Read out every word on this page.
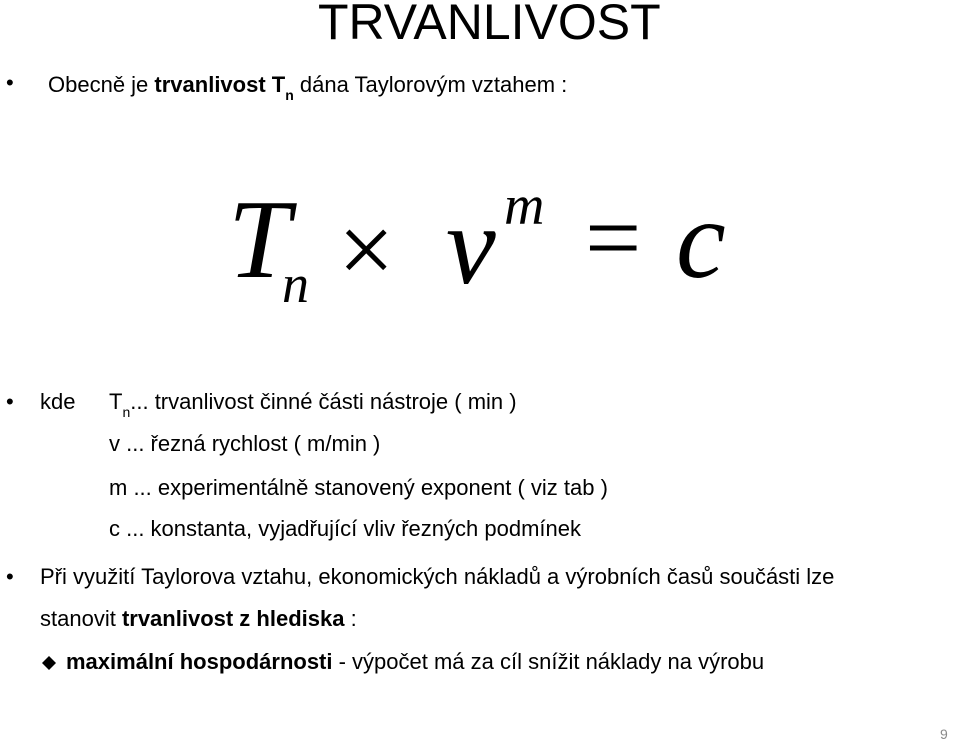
TRVANLIVOST
• Obecně je trvanlivost $T_n$ dána Taylorovým vztahem :
T
n × v m = c
• kde $T_n$... trvanlivost činné části nástroje ( min )
v ... řezná rychlost ( m/min )
m ... experimentálně stanovený exponent ( viz tab )
c ... konstanta, vyjadřující vliv řezných podmínek
• Při využití Taylorova vztahu, ekonomických nákladů a výrobních časů součásti lze
stanovit trvanlivost z hlediska :
maximální hospodárnosti - výpočet má za cíl snížit náklady na výrobu
9
